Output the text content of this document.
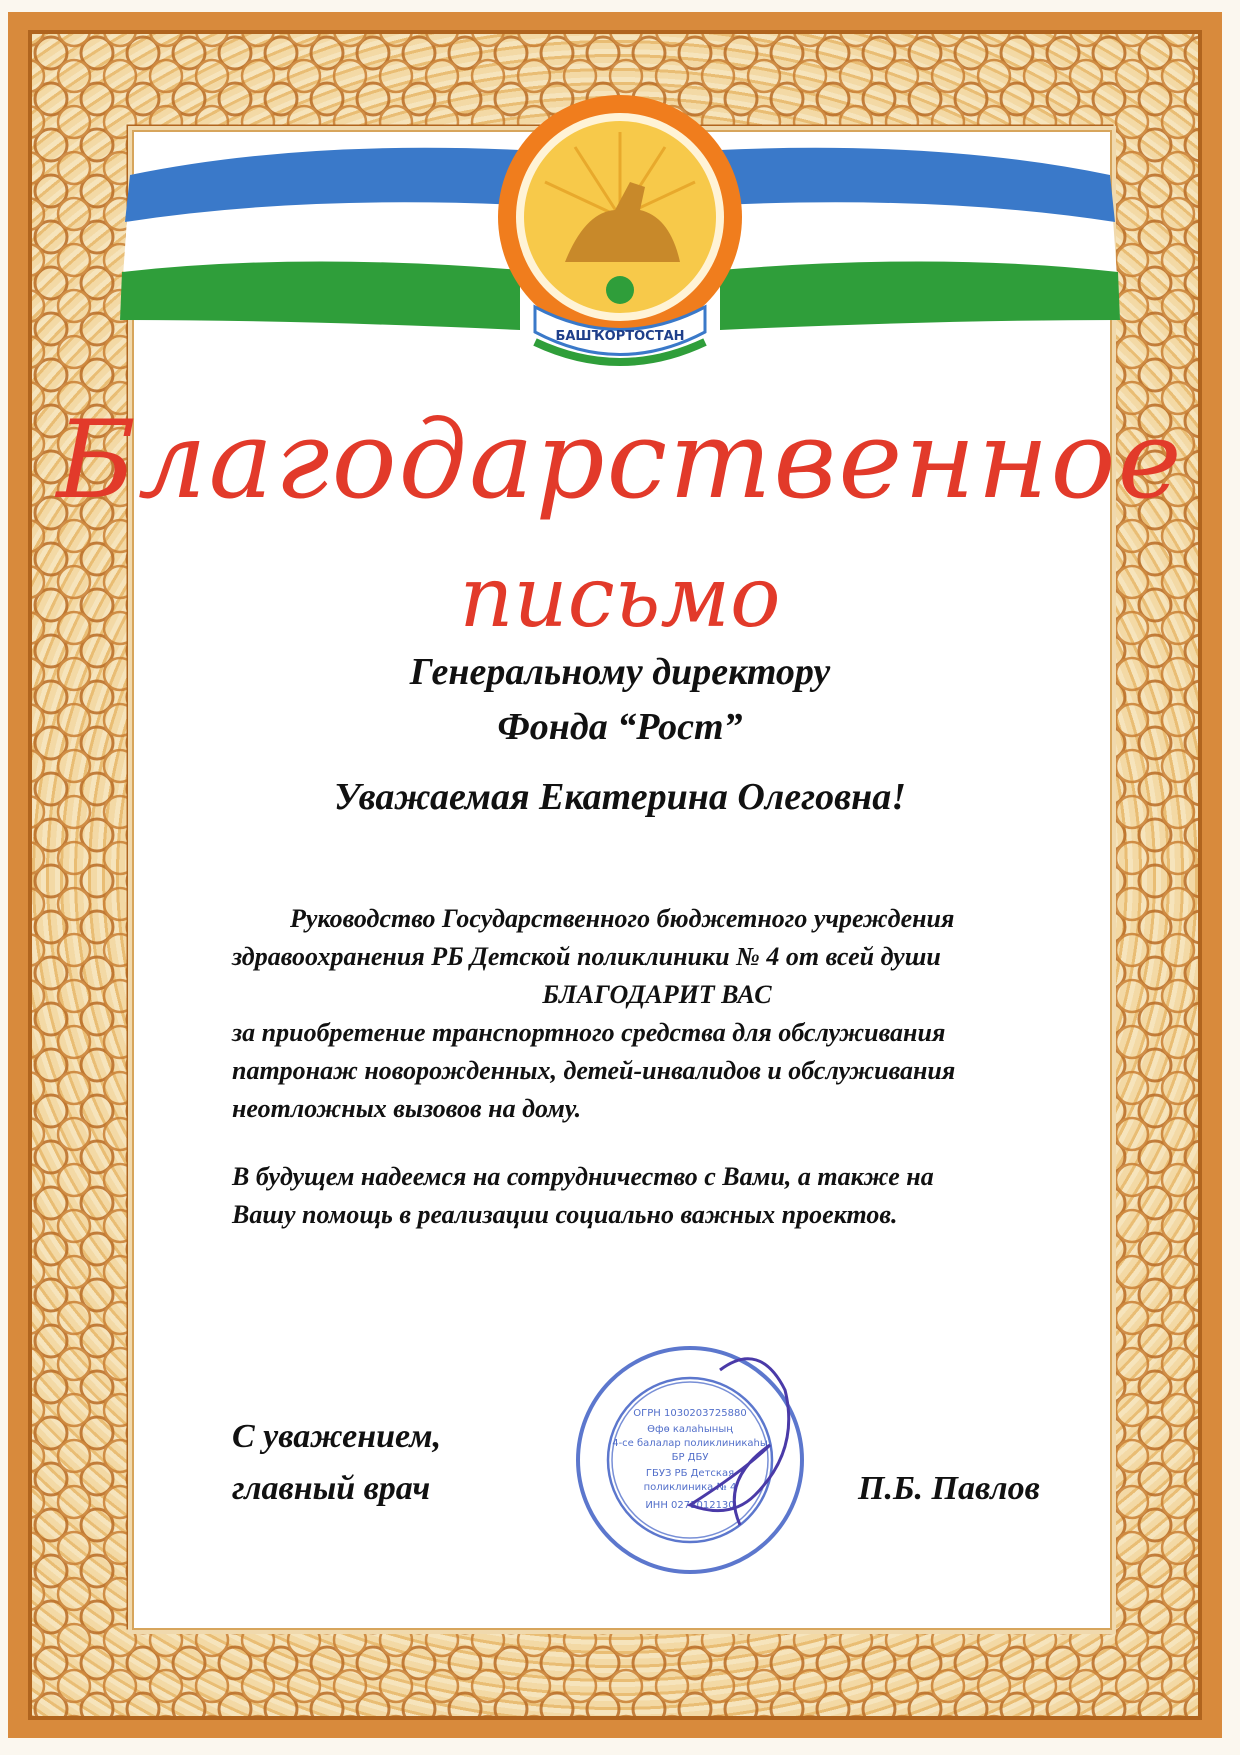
БАШҠОРТОСТАН
Благодарственное
письмо
Генеральному директору
Фонда “Рост”
Уважаемая Екатерина Олеговна!
Руководство Государственного бюджетного учреждения
здравоохранения РБ Детской поликлиники № 4 от всей души
БЛАГОДАРИТ ВАС
за приобретение транспортного средства для обслуживания
патронаж новорожденных, детей-инвалидов и обслуживания
неотложных вызовов на дому.
В будущем надеемся на сотрудничество с Вами, а также на
Вашу помощь в реализации социально важных проектов.
ОГРН 1030203725880
Өфө калаһының
4-се балалар поликлиникаһы
БР ДБУ
ГБУЗ РБ Детская
поликлиника № 4
ИНН 0273012130
С уважением,
главный врач	П.Б. Павлов
